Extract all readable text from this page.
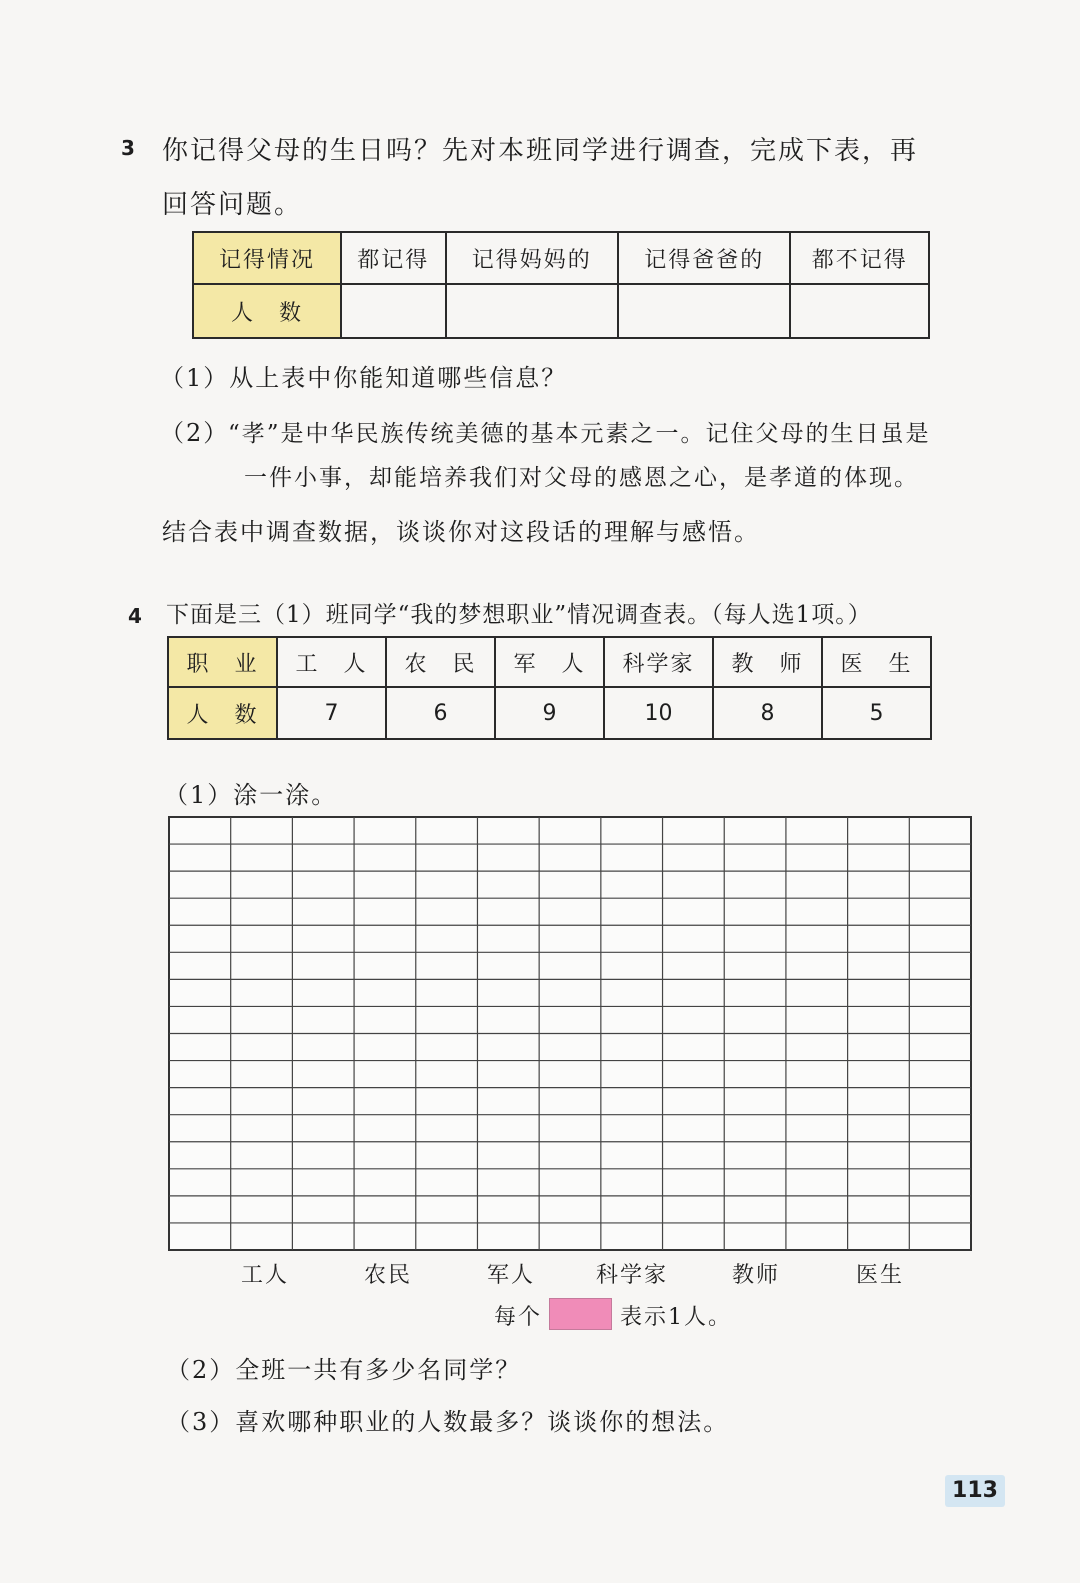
3 你记得父母的生日吗？先对本班同学进行调查，完成下表，再
回答问题。
记得情况	都记得	记得妈妈的	记得爸爸的	都不记得
人　数				
（1）从上表中你能知道哪些信息？
（2）
“孝”是中华民族传统美德的基本元素之一。记住父母的生日虽是
一件小事，却能培养我们对父母的感恩之心，是孝道的体现。
结合表中调查数据，谈谈你对这段话的理解与感悟。
4 下面是三（1）班同学“我的梦想职业”情况调查表。（每人选1项。）
职　业	工　人	农　民	军　人	科学家	教　师	医　生
人　数	7	6	9	10	8	5
（1）涂一涂。
工人	农民	军人	科学家	教师	医生
每个	表示1人。
（2）全班一共有多少名同学？
（3）喜欢哪种职业的人数最多？谈谈你的想法。
113
